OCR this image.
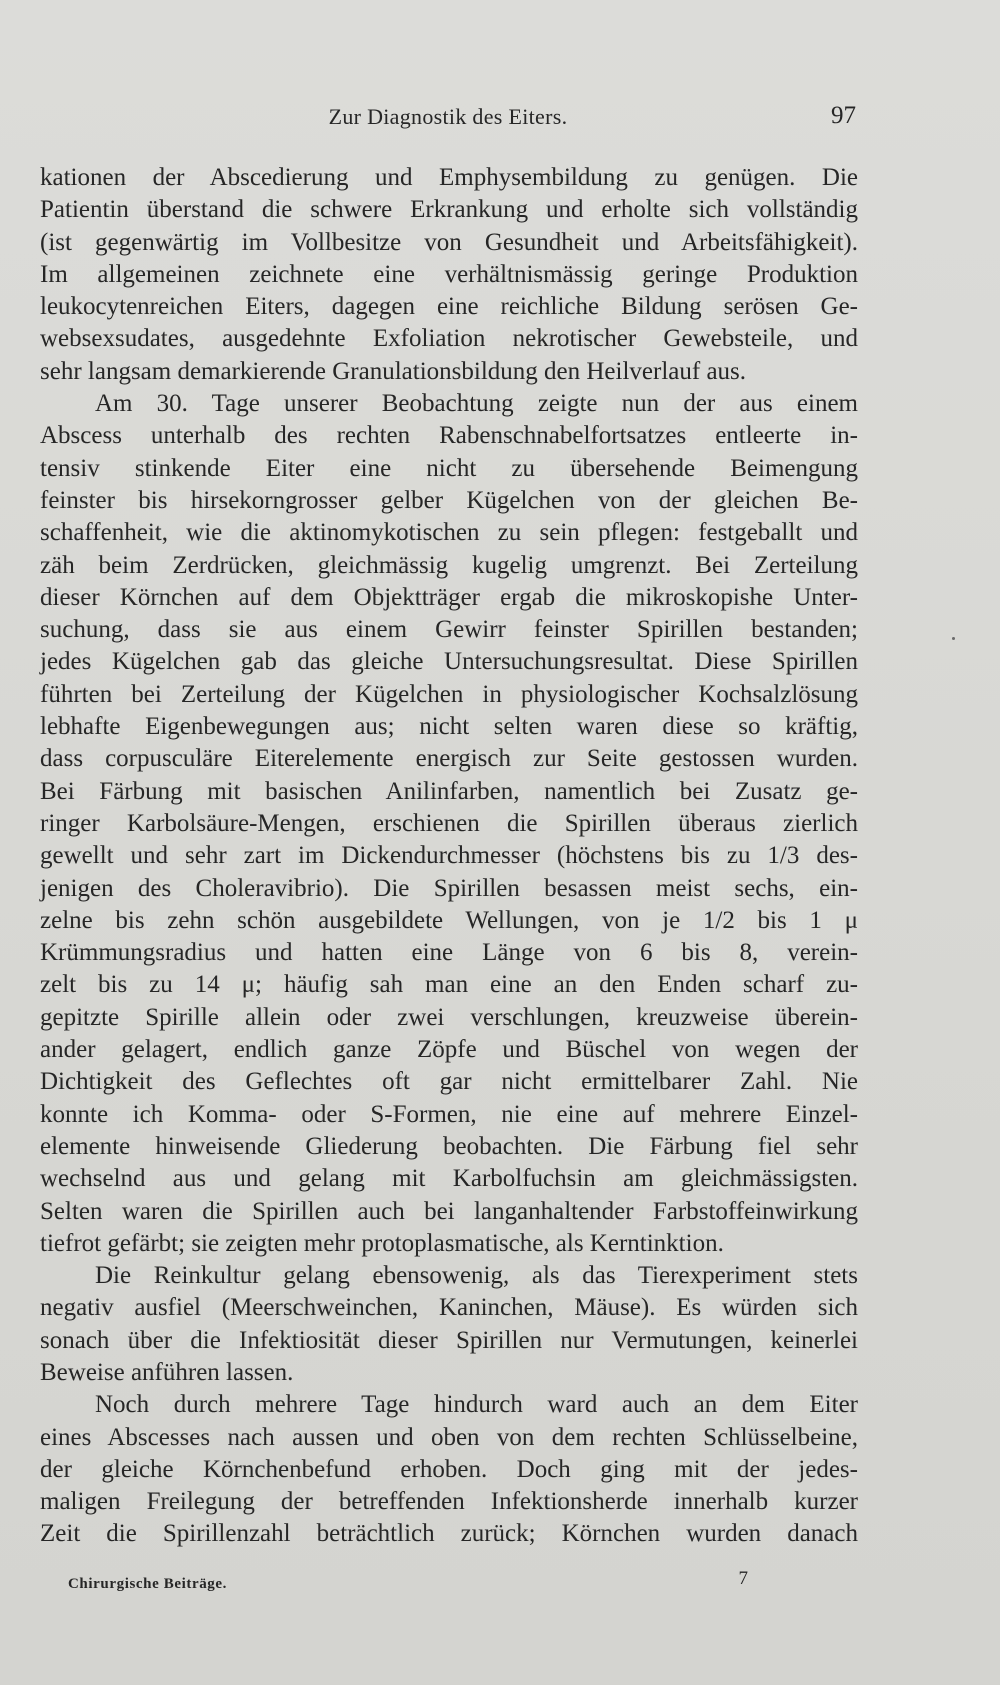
Zur Diagnostik des Eiters.	97
kationen der Abscedierung und Emphysembildung zu genügen. Die
Patientin überstand die schwere Erkrankung und erholte sich vollständig
(ist gegenwärtig im Vollbesitze von Gesundheit und Arbeitsfähigkeit).
Im allgemeinen zeichnete eine verhältnismässig geringe Produktion
leukocytenreichen Eiters, dagegen eine reichliche Bildung serösen Ge-
websexsudates, ausgedehnte Exfoliation nekrotischer Gewebsteile, und
sehr langsam demarkierende Granulationsbildung den Heilverlauf aus.
Am 30. Tage unserer Beobachtung zeigte nun der aus einem
Abscess unterhalb des rechten Rabenschnabelfortsatzes entleerte in-
tensiv stinkende Eiter eine nicht zu übersehende Beimengung
feinster bis hirsekorngrosser gelber Kügelchen von der gleichen Be-
schaffenheit, wie die aktinomykotischen zu sein pflegen: festgeballt und
zäh beim Zerdrücken, gleichmässig kugelig umgrenzt. Bei Zerteilung
dieser Körnchen auf dem Objektträger ergab die mikroskopishe Unter-
suchung, dass sie aus einem Gewirr feinster Spirillen bestanden;
jedes Kügelchen gab das gleiche Untersuchungsresultat. Diese Spirillen
führten bei Zerteilung der Kügelchen in physiologischer Kochsalzlösung
lebhafte Eigenbewegungen aus; nicht selten waren diese so kräftig,
dass corpusculäre Eiterelemente energisch zur Seite gestossen wurden.
Bei Färbung mit basischen Anilinfarben, namentlich bei Zusatz ge-
ringer Karbolsäure-Mengen, erschienen die Spirillen überaus zierlich
gewellt und sehr zart im Dickendurchmesser (höchstens bis zu 1/3 des-
jenigen des Choleravibrio). Die Spirillen besassen meist sechs, ein-
zelne bis zehn schön ausgebildete Wellungen, von je 1/2 bis 1 μ
Krümmungsradius und hatten eine Länge von 6 bis 8, verein-
zelt bis zu 14 μ; häufig sah man eine an den Enden scharf zu-
gepitzte Spirille allein oder zwei verschlungen, kreuzweise überein-
ander gelagert, endlich ganze Zöpfe und Büschel von wegen der
Dichtigkeit des Geflechtes oft gar nicht ermittelbarer Zahl. Nie
konnte ich Komma- oder S-Formen, nie eine auf mehrere Einzel-
elemente hinweisende Gliederung beobachten. Die Färbung fiel sehr
wechselnd aus und gelang mit Karbolfuchsin am gleichmässigsten.
Selten waren die Spirillen auch bei langanhaltender Farbstoffeinwirkung
tiefrot gefärbt; sie zeigten mehr protoplasmatische, als Kerntinktion.
Die Reinkultur gelang ebensowenig, als das Tierexperiment stets
negativ ausfiel (Meerschweinchen, Kaninchen, Mäuse). Es würden sich
sonach über die Infektiosität dieser Spirillen nur Vermutungen, keinerlei
Beweise anführen lassen.
Noch durch mehrere Tage hindurch ward auch an dem Eiter
eines Abscesses nach aussen und oben von dem rechten Schlüsselbeine,
der gleiche Körnchenbefund erhoben. Doch ging mit der jedes-
maligen Freilegung der betreffenden Infektionsherde innerhalb kurzer
Zeit die Spirillenzahl beträchtlich zurück; Körnchen wurden danach
Chirurgische Beiträge.	7
